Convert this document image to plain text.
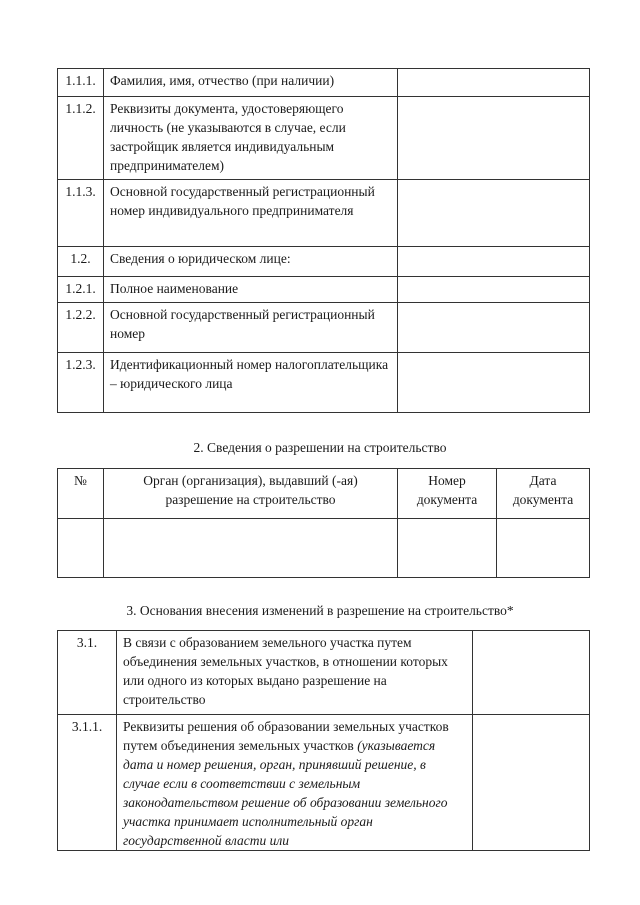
1.1.1.	Фамилия, имя, отчество (при наличии)	
1.1.2.	Реквизиты документа, удостоверяющего личность (не указываются в случае, если застройщик является индивидуальным предпринимателем)	
1.1.3.	Основной государственный регистрационный номер индивидуального предпринимателя	
1.2.	Сведения о юридическом лице:	
1.2.1.	Полное наименование	
1.2.2.	Основной государственный регистрационный номер	
1.2.3.	Идентификационный номер налогоплательщика – юридического лица	
2. Сведения о разрешении на строительство
№	Орган (организация), выдавший (-ая) разрешение на строительство	Номер документа	Дата документа

3. Основания внесения изменений в разрешение на строительство*
3.1.	В связи с образованием земельного участка путем объединения земельных участков, в отношении которых или одного из которых выдано разрешение на строительство	
3.1.1.	Реквизиты решения об образовании земельных участков путем объединения земельных участков (указывается дата и номер решения, орган, принявший решение, в случае если в соответствии с земельным законодательством решение об образовании земельного участка принимает исполнительный орган государственной власти или	
